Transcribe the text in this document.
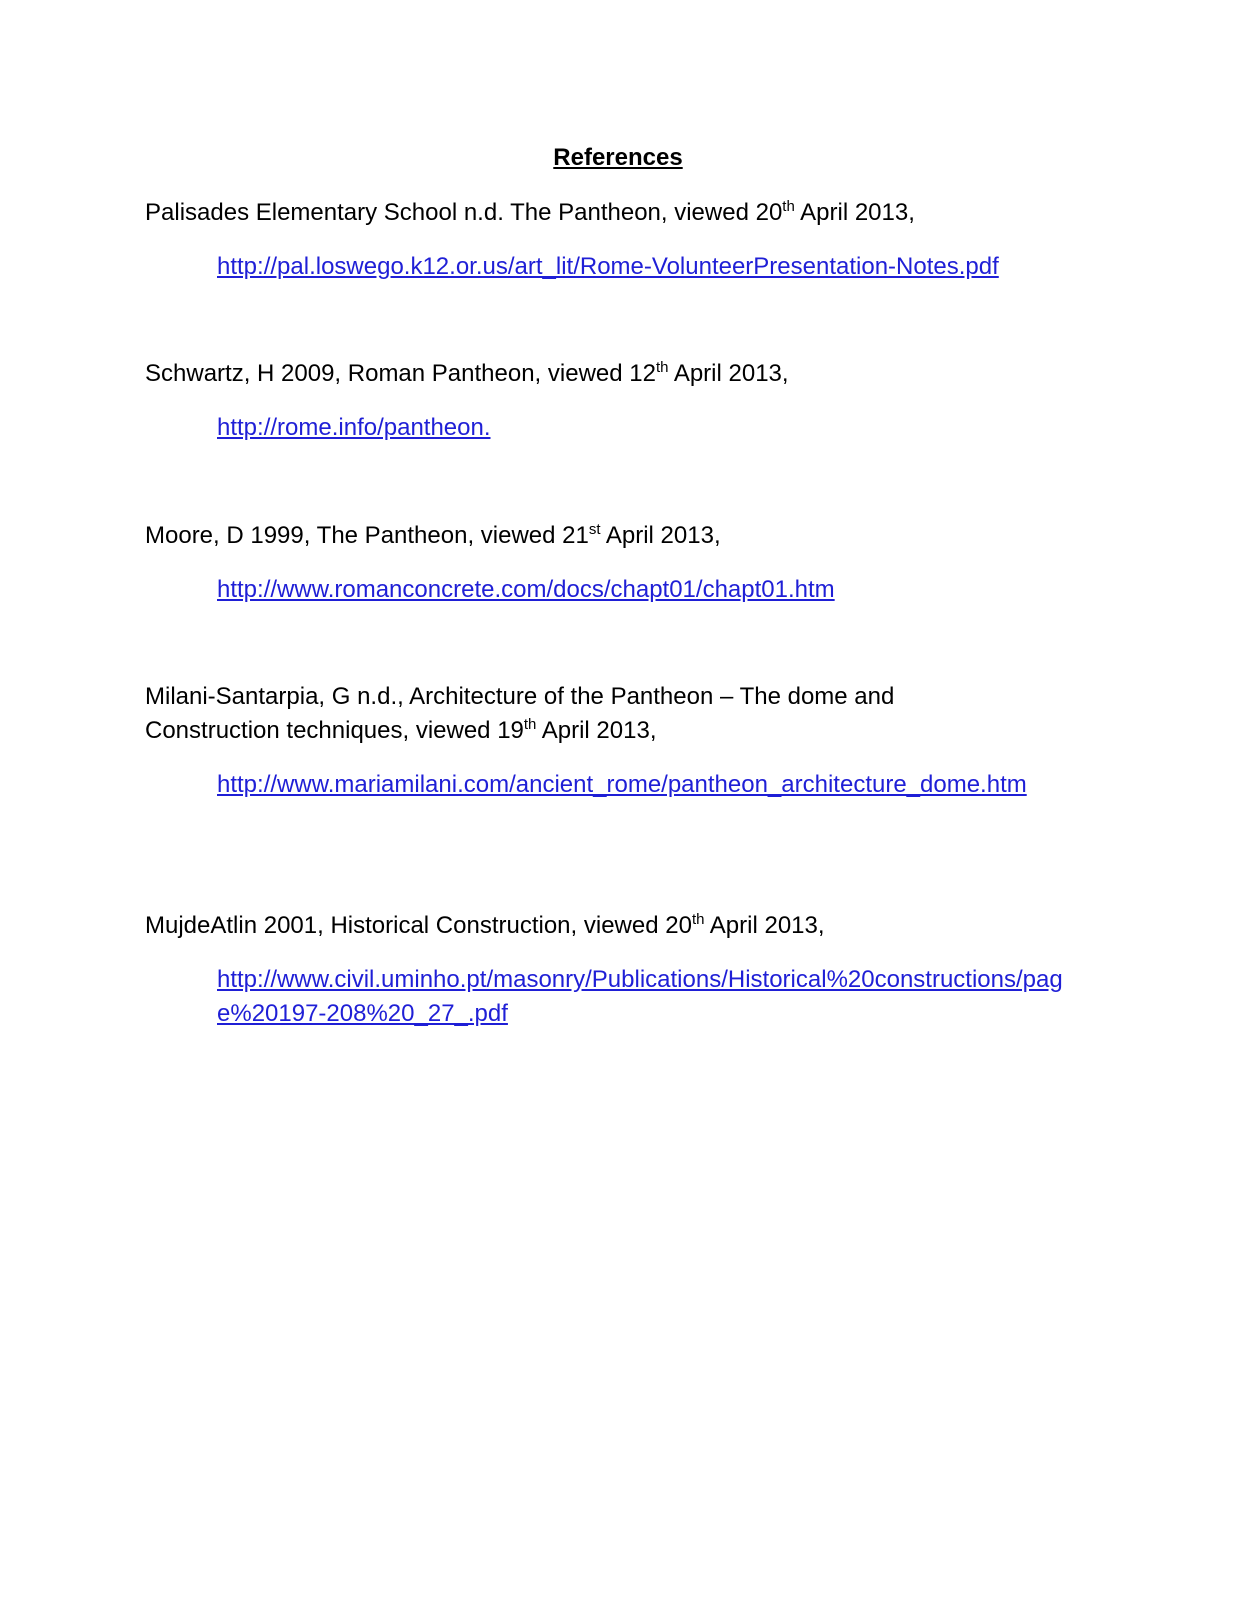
References
Palisades Elementary School n.d. The Pantheon, viewed 20th April 2013,
http://pal.loswego.k12.or.us/art_lit/Rome-VolunteerPresentation-Notes.pdf
Schwartz, H 2009, Roman Pantheon, viewed 12th April 2013,
http://rome.info/pantheon.
Moore, D 1999, The Pantheon, viewed 21st April 2013,
http://www.romanconcrete.com/docs/chapt01/chapt01.htm
Milani-Santarpia, G n.d., Architecture of the Pantheon – The dome and Construction techniques, viewed 19th April 2013,
http://www.mariamilani.com/ancient_rome/pantheon_architecture_dome.htm
MujdeAtlin 2001, Historical Construction, viewed 20th April 2013,
http://www.civil.uminho.pt/masonry/Publications/Historical%20constructions/page%20197-208%20_27_.pdf
